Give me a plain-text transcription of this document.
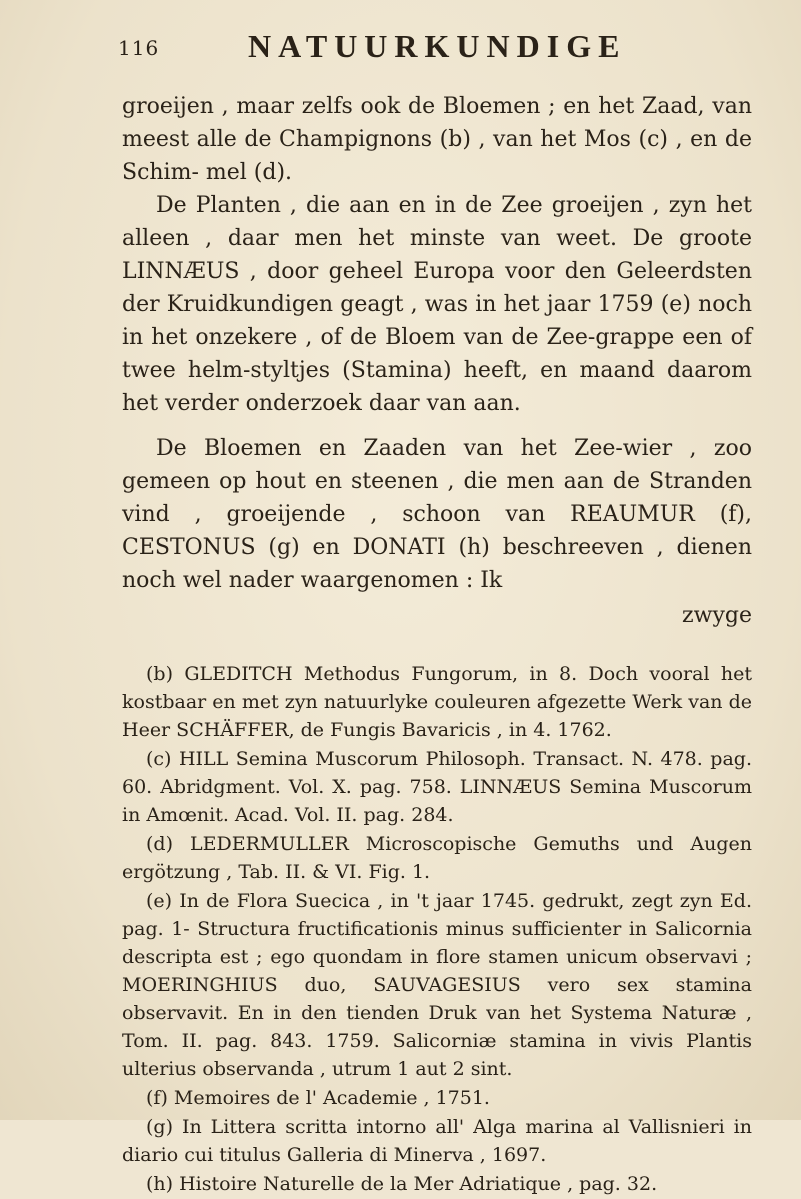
116	NATUURKUNDIGE

groeijen , maar zelfs ook de Bloemen ; en het Zaad, van meest alle de Champignons (b) , van het Mos (c) , en de Schim- mel (d).

De Planten , die aan en in de Zee groeijen , zyn het alleen , daar men het minste van weet. De groote LINNÆUS , door geheel Europa voor den Geleerdsten der Kruidkundigen geagt , was in het jaar 1759 (e) noch in het onzekere , of de Bloem van de Zee-grappe een of twee helm-styltjes (Stamina) heeft, en maand daarom het verder onderzoek daar van aan.

De Bloemen en Zaaden van het Zee-wier , zoo gemeen op hout en steenen , die men aan de Stranden vind , groeijende , schoon van REAUMUR (f), CESTONUS (g) en DONATI (h) beschreeven , dienen noch wel nader waargenomen : Ik

zwyge

(b) GLEDITCH Methodus Fungorum, in 8. Doch vooral het kostbaar en met zyn natuurlyke couleuren afgezette Werk van de Heer SCHÄFFER, de Fungis Bavaricis , in 4. 1762.

(c) HILL Semina Muscorum Philosoph. Transact. N. 478. pag. 60. Abridgment. Vol. X. pag. 758. LINNÆUS Semina Muscorum in Amœnit. Acad. Vol. II. pag. 284.

(d) LEDERMULLER Microscopische Gemuths und Augen ergötzung , Tab. II. & VI. Fig. 1.

(e) In de Flora Suecica , in 't jaar 1745. gedrukt, zegt zyn Ed. pag. 1- Structura fructificationis minus sufficienter in Salicornia descripta est ; ego quondam in flore stamen unicum observavi ; MOERINGHIUS duo, SAUVAGESIUS vero sex stamina observavit. En in den tienden Druk van het Systema Naturæ , Tom. II. pag. 843. 1759. Salicorniæ stamina in vivis Plantis ulterius observanda , utrum 1 aut 2 sint.

(f) Memoires de l' Academie , 1751.

(g) In Littera scritta intorno all' Alga marina al Vallisnieri in diario cui titulus Galleria di Minerva , 1697.

(h) Histoire Naturelle de la Mer Adriatique , pag. 32.
